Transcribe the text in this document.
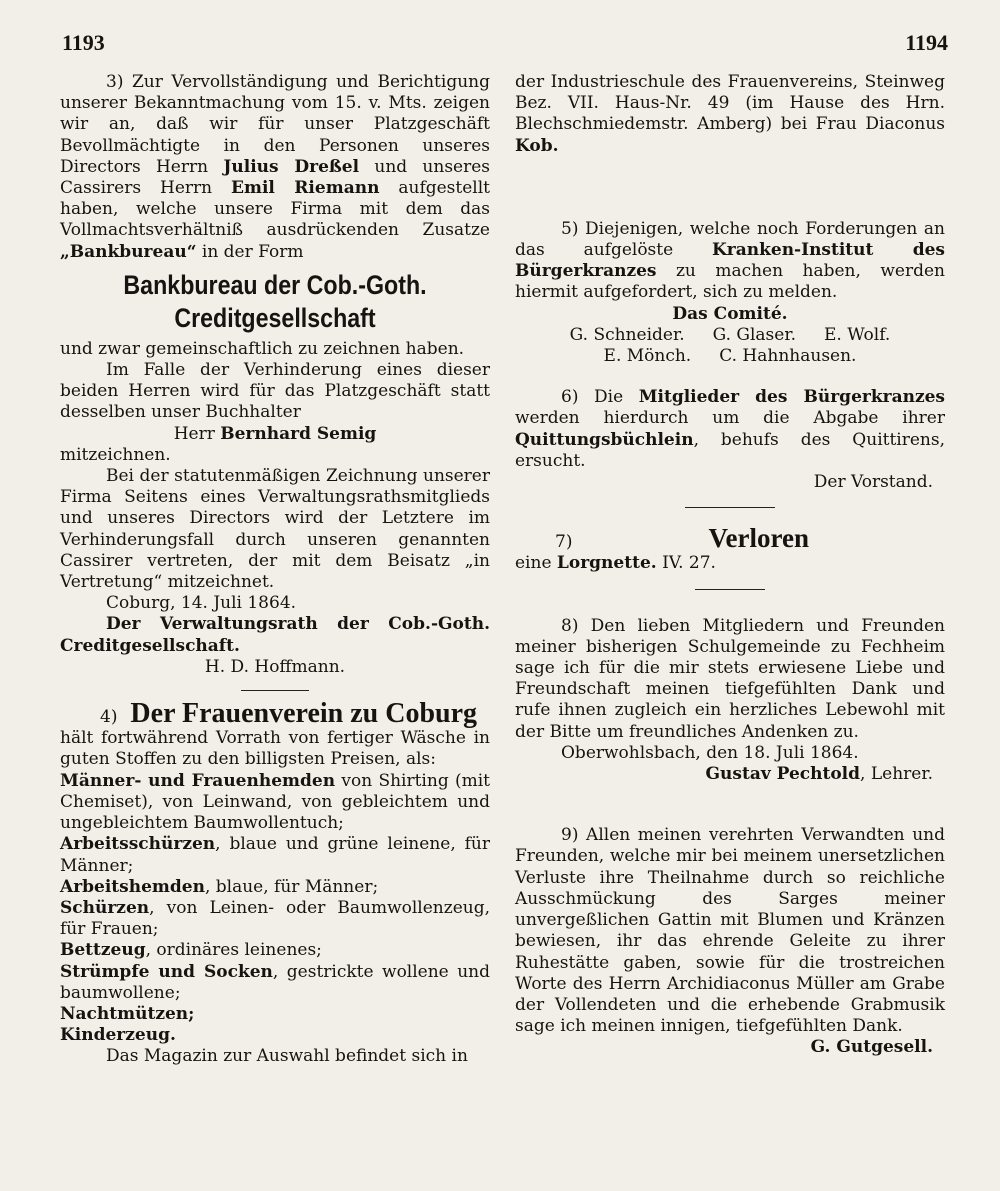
1193	1194

3) Zur Vervollständigung und Berichtigung unserer Bekanntmachung vom 15. v. Mts. zeigen wir an, daß wir für unser Platzgeschäft Bevollmächtigte in den Personen unseres Directors Herrn Julius Dreßel und unseres Cassirers Herrn Emil Riemann aufgestellt haben, welche unsere Firma mit dem das Vollmachtsverhältniß ausdrückenden Zusatze „Bankbureau“ in der Form

Bankbureau der Cob.-Goth.
Creditgesellschaft

und zwar gemeinschaftlich zu zeichnen haben.

Im Falle der Verhinderung eines dieser beiden Herren wird für das Platzgeschäft statt desselben unser Buchhalter

Herr Bernhard Semig

mitzeichnen.

Bei der statutenmäßigen Zeichnung unserer Firma Seitens eines Verwaltungsrathsmitglieds und unseres Directors wird der Letztere im Verhinderungsfall durch unseren genannten Cassirer vertreten, der mit dem Beisatz „in Vertretung“ mitzeichnet.

Coburg, 14. Juli 1864.

Der Verwaltungsrath der Cob.-Goth. Creditgesellschaft.

H. D. Hoffmann.

4) Der Frauenverein zu Coburg

hält fortwährend Vorrath von fertiger Wäsche in guten Stoffen zu den billigsten Preisen, als:

Männer- und Frauenhemden von Shirting (mit Chemiset), von Leinwand, von gebleichtem und ungebleichtem Baumwollentuch;

Arbeitsschürzen, blaue und grüne leinene, für Männer;

Arbeitshemden, blaue, für Männer;

Schürzen, von Leinen- oder Baumwollenzeug, für Frauen;

Bettzeug, ordinäres leinenes;

Strümpfe und Socken, gestrickte wollene und baumwollene;

Nachtmützen;

Kinderzeug.

Das Magazin zur Auswahl befindet sich in

der Industrieschule des Frauenvereins, Steinweg Bez. VII. Haus-Nr. 49 (im Hause des Hrn. Blechschmiedemstr. Amberg) bei Frau Diaconus Kob.

5) Diejenigen, welche noch Forderungen an das aufgelöste Kranken-Institut des Bürgerkranzes zu machen haben, werden hiermit aufgefordert, sich zu melden.

Das Comité.

G. Schneider. G. Glaser. E. Wolf.
E. Mönch. C. Hahnhausen.

6) Die Mitglieder des Bürgerkranzes werden hierdurch um die Abgabe ihrer Quittungsbüchlein, behufs des Quittirens, ersucht.

Der Vorstand.

7)	Verloren

eine Lorgnette. IV. 27.

8) Den lieben Mitgliedern und Freunden meiner bisherigen Schulgemeinde zu Fechheim sage ich für die mir stets erwiesene Liebe und Freundschaft meinen tiefgefühlten Dank und rufe ihnen zugleich ein herzliches Lebewohl mit der Bitte um freundliches Andenken zu.

Oberwohlsbach, den 18. Juli 1864.

Gustav Pechtold, Lehrer.

9) Allen meinen verehrten Verwandten und Freunden, welche mir bei meinem unersetzlichen Verluste ihre Theilnahme durch so reichliche Ausschmückung des Sarges meiner unvergeßlichen Gattin mit Blumen und Kränzen bewiesen, ihr das ehrende Geleite zu ihrer Ruhestätte gaben, sowie für die trostreichen Worte des Herrn Archidiaconus Müller am Grabe der Vollendeten und die erhebende Grabmusik sage ich meinen innigen, tiefgefühlten Dank.

G. Gutgesell.
